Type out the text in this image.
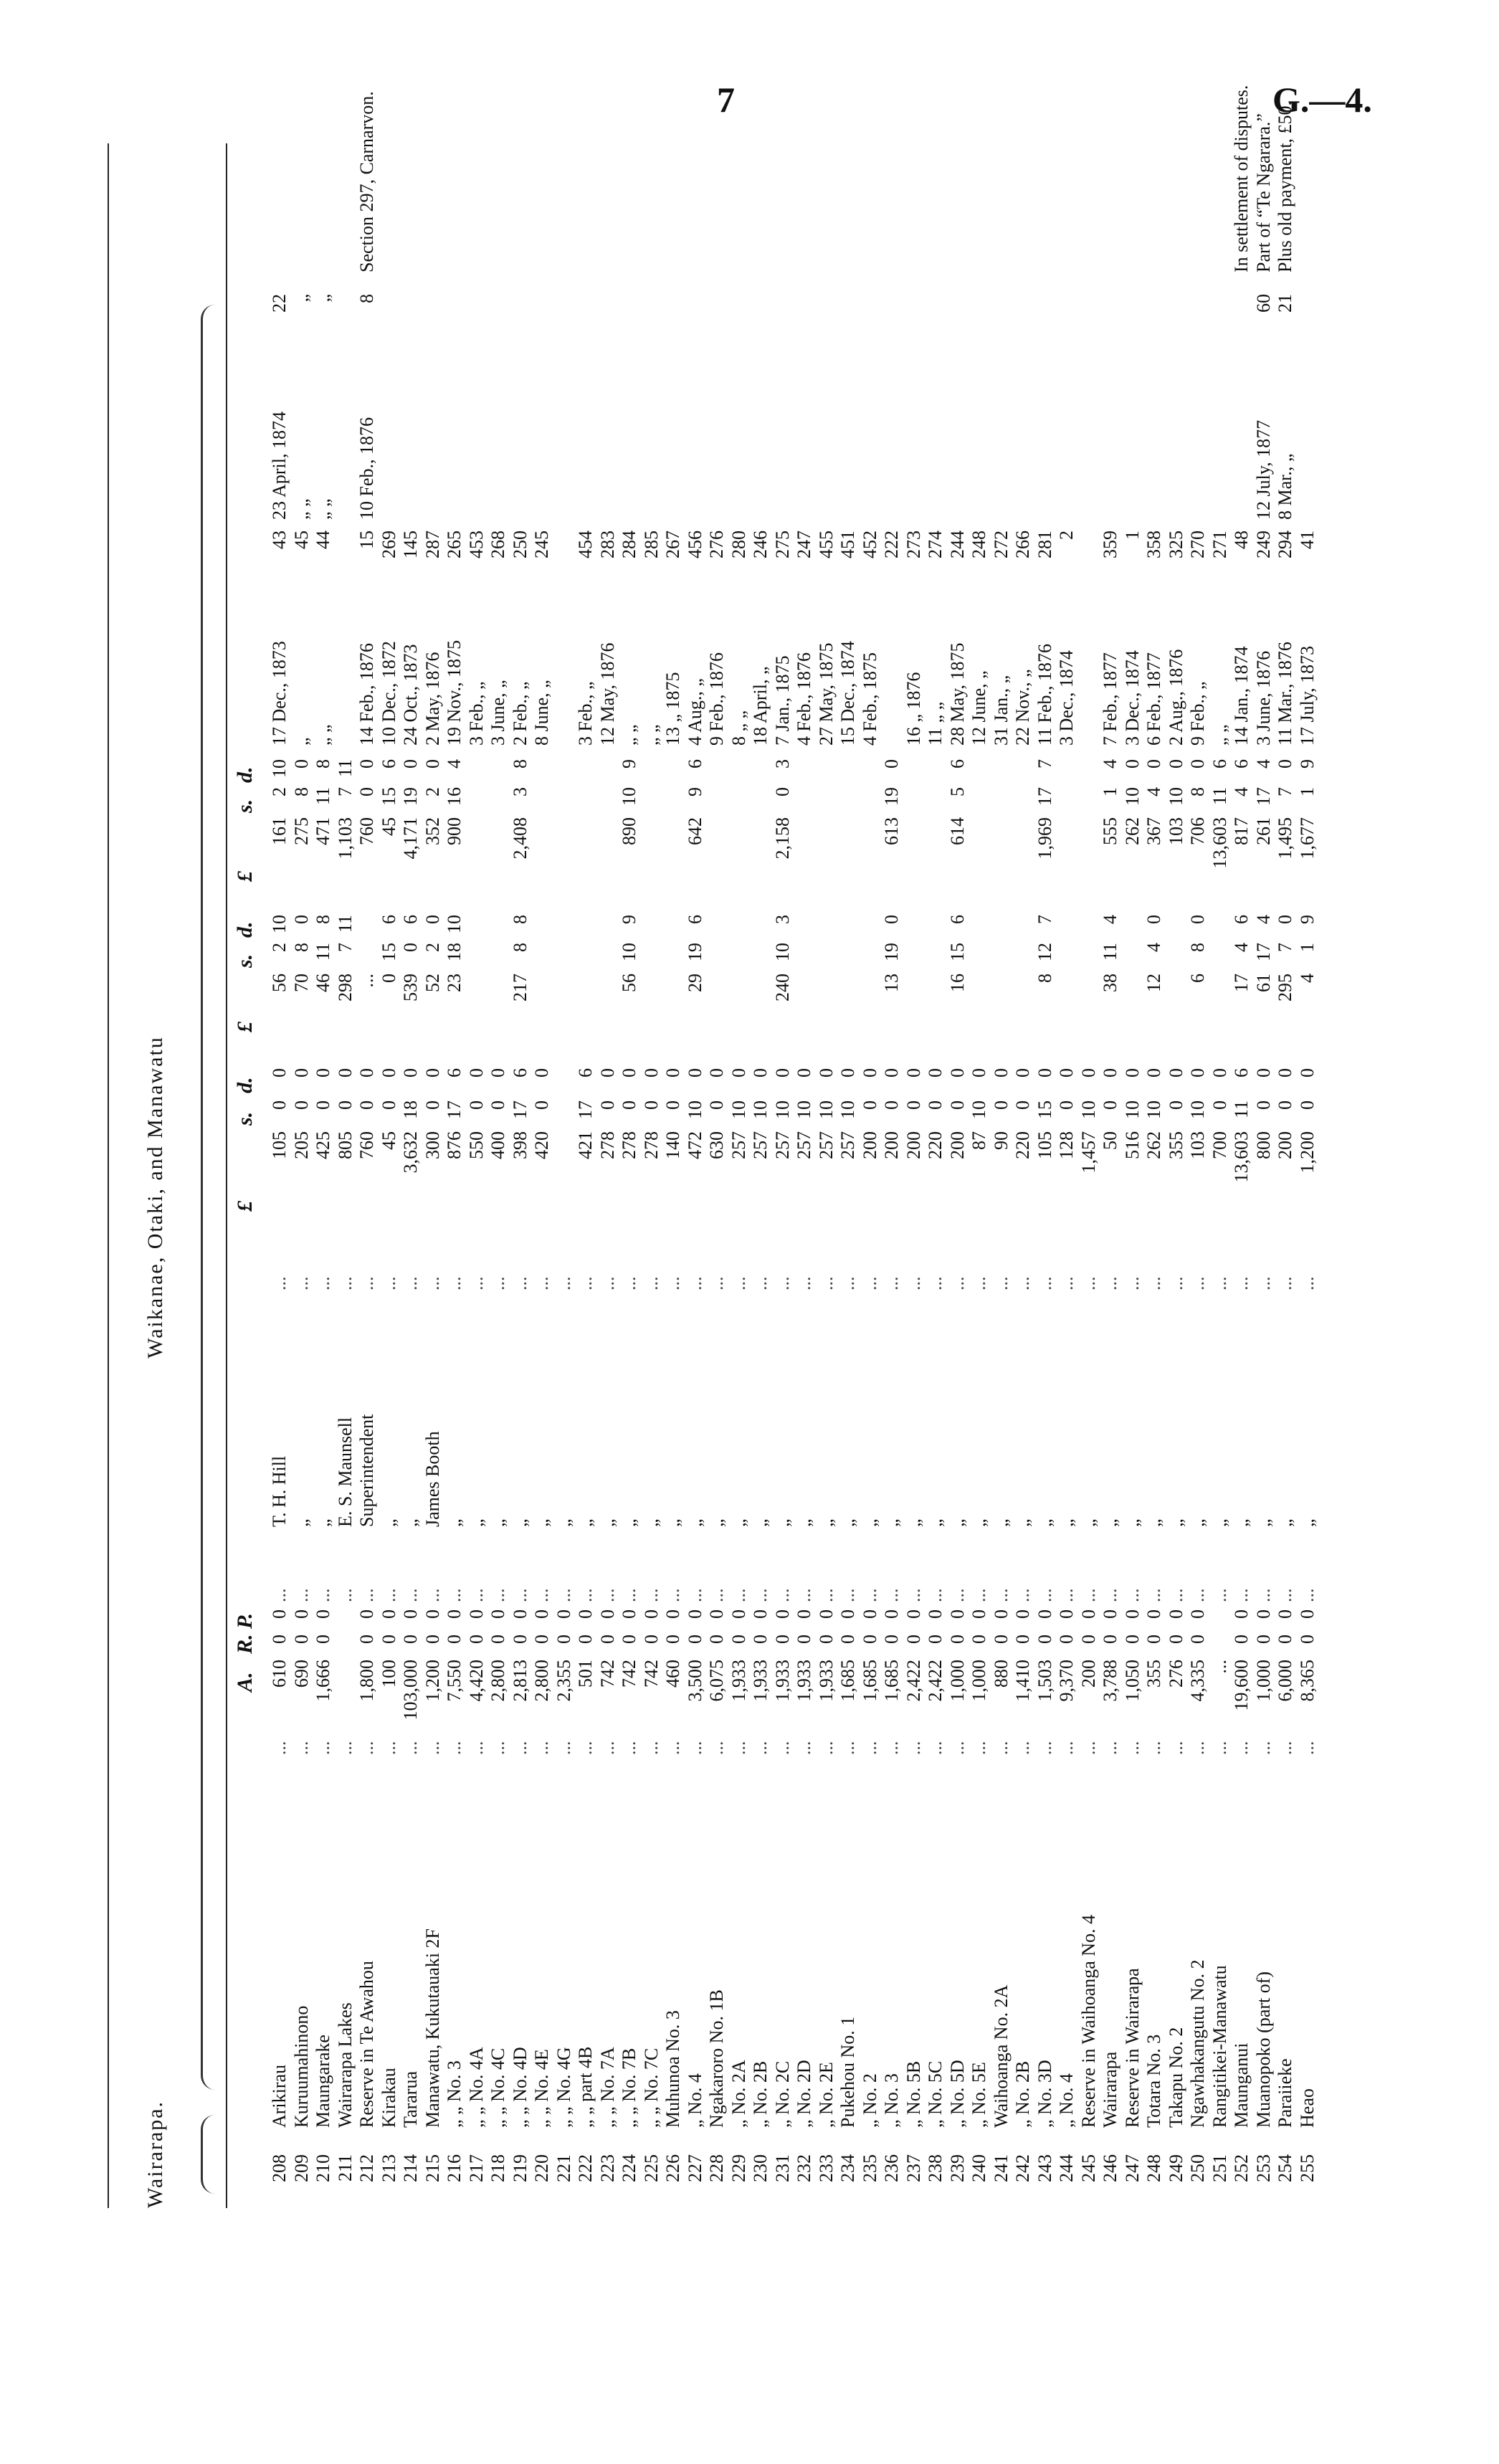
7	G.—4.
Wairarapa.
Waikanae, Otaki, and Manawatu
A.
R.
P.
£
s.
d.
£
s.
d.
£
s.
d.
208
Arikirau
610
0
0
T. H. Hill
105
0
0
56
2
10
161
2
10
17 Dec., 1873
43
23 April, 1874
22
...
...
...
209
Kuruumahinono
690
0
0
„
205
0
0
70
8
0
275
8
0
„
45
„ „
„
...
...
...
210
Maungarake
1,666
0
0
„
425
0
0
46
11
8
471
11
8
„ „
44
„ „
„
...
...
...
211
Wairarapa Lakes
E. S. Maunsell
805
0
0
298
7
11
1,103
7
11
...
...
...
212
Reserve in Te Awahou
1,800
0
0
Superintendent
760
0
0
...
760
0
0
14 Feb., 1876
15
10 Feb., 1876
8
Section 297, Carnarvon.
...
...
...
213
Kirakau
100
0
0
„
45
0
0
0
15
6
45
15
6
10 Dec., 1872
269
...
...
...
214
Tararua
103,000
0
0
„
3,632
18
0
539
0
6
4,171
19
0
24 Oct., 1873
145
...
...
...
215
Manawatu, Kukutauaki 2F
1,200
0
0
James Booth
300
0
0
52
2
0
352
2
0
2 May, 1876
287
...
...
...
216
„ „ No. 3
7,550
0
0
„
876
17
6
23
18
10
900
16
4
19 Nov., 1875
265
...
...
...
217
„ „ No. 4A
4,420
0
0
„
550
0
0
3 Feb., „
453
...
...
...
218
„ „ No. 4C
2,800
0
0
„
400
0
0
3 June, „
268
...
...
...
219
„ „ No. 4D
2,813
0
0
„
398
17
6
217
8
8
2,408
3
8
2 Feb., „
250
...
...
...
220
„ „ No. 4E
2,800
0
0
„
420
0
0
8 June, „
245
...
...
...
221
„ „ No. 4G
2,355
0
0
„
...
...
...
222
„ „ part 4B
501
0
0
„
421
17
6
3 Feb., „
454
...
...
...
223
„ „ No. 7A
742
0
0
„
278
0
0
12 May, 1876
283
...
...
...
224
„ „ No. 7B
742
0
0
„
278
0
0
56
10
9
890
10
9
„ „
284
...
...
...
225
„ „ No. 7C
742
0
0
„
278
0
0
„ „
285
...
...
...
226
Muhunoa No. 3
460
0
0
„
140
0
0
13 „ 1875
267
...
...
...
227
„ No. 4
3,500
0
0
„
472
10
0
29
19
6
642
9
6
4 Aug., „
456
...
...
...
228
Ngakaroro No. 1B
6,075
0
0
„
630
0
0
9 Feb., 1876
276
...
...
...
229
„ No. 2A
1,933
0
0
„
257
10
0
8 „ „
280
...
...
...
230
„ No. 2B
1,933
0
0
„
257
10
0
18 April, „
246
...
...
...
231
„ No. 2C
1,933
0
0
„
257
10
0
240
10
3
2,158
0
3
7 Jan., 1875
275
...
...
...
232
„ No. 2D
1,933
0
0
„
257
10
0
4 Feb., 1876
247
...
...
...
233
„ No. 2E
1,933
0
0
„
257
10
0
27 May, 1875
455
...
...
...
234
Pukehou No. 1
1,685
0
0
„
257
10
0
15 Dec., 1874
451
...
...
...
235
„ No. 2
1,685
0
0
„
200
0
0
4 Feb., 1875
452
...
...
...
236
„ No. 3
1,685
0
0
„
200
0
0
13
19
0
613
19
0
222
...
...
...
237
„ No. 5B
2,422
0
0
„
200
0
0
16 „ 1876
273
...
...
...
238
„ No. 5C
2,422
0
0
„
220
0
0
11 „ „
274
...
...
...
239
„ No. 5D
1,000
0
0
„
200
0
0
16
15
6
614
5
6
28 May, 1875
244
...
...
...
240
„ No. 5E
1,000
0
0
„
87
10
0
12 June, „
248
...
...
...
241
Waihoanga No. 2A
880
0
0
„
90
0
0
31 Jan., „
272
...
...
...
242
„ No. 2B
1,410
0
0
„
220
0
0
22 Nov., „
266
...
...
...
243
„ No. 3D
1,503
0
0
„
105
15
0
8
12
7
1,969
17
7
11 Feb., 1876
281
...
...
...
244
„ No. 4
9,370
0
0
„
128
0
0
3 Dec., 1874
2
...
...
...
245
Reserve in Waihoanga No. 4
200
0
0
„
1,457
10
0
...
...
...
246
Wairarapa
3,788
0
0
„
50
0
0
38
11
4
555
1
4
7 Feb., 1877
359
...
...
...
247
Reserve in Wairarapa
1,050
0
0
„
516
10
0
262
10
0
3 Dec., 1874
1
...
...
...
248
Totara No. 3
355
0
0
„
262
10
0
12
4
0
367
4
0
6 Feb., 1877
358
...
...
...
249
Takapu No. 2
276
0
0
„
355
0
0
103
10
0
2 Aug., 1876
325
...
...
...
250
Ngawhakangutu No. 2
4,335
0
0
„
103
10
0
6
8
0
706
8
0
9 Feb., „
270
...
...
...
251
Rangitikei-Manawatu
...
„
700
0
0
13,603
11
6
„ „
271
...
...
...
252
Maunganui
19,600
0
0
„
13,603
11
6
17
4
6
817
4
6
14 Jan., 1874
48
In settlement of disputes.
...
...
...
253
Muanopoko (part of)
1,000
0
0
„
800
0
0
61
17
4
261
17
4
3 June, 1876
249
12 July, 1877
60
Part of “Te Ngarara.”
...
...
...
254
Paraiieke
6,000
0
0
„
200
0
0
295
7
0
1,495
7
0
11 Mar., 1876
294
8 Mar., „
21
Plus old payment, £50.
...
...
...
255
Heao
8,365
0
0
„
1,200
0
0
4
1
9
1,677
1
9
17 July, 1873
41
...
...
...
